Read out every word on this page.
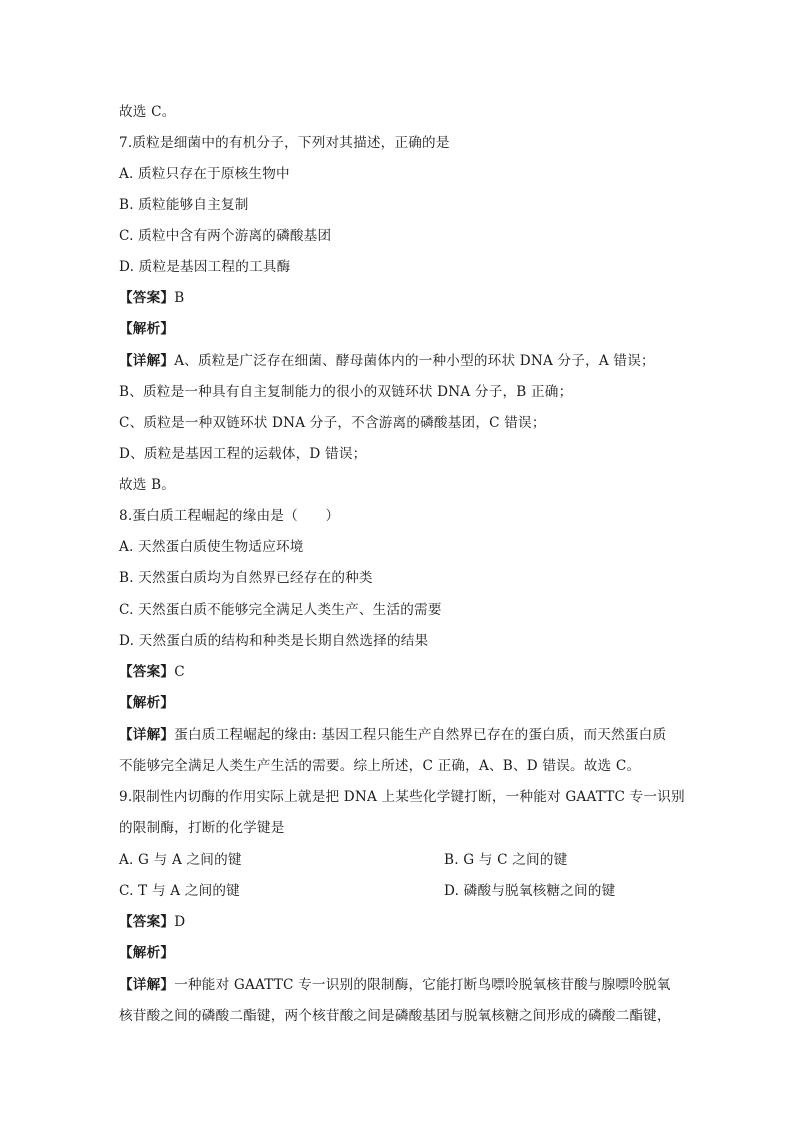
故选 C。
7.质粒是细菌中的有机分子，下列对其描述，正确的是
A. 质粒只存在于原核生物中
B. 质粒能够自主复制
C. 质粒中含有两个游离的磷酸基团
D. 质粒是基因工程的工具酶
【答案】B
【解析】
【详解】A、质粒是广泛存在细菌、酵母菌体内的一种小型的环状 DNA 分子，A 错误；
B、质粒是一种具有自主复制能力的很小的双链环状 DNA 分子，B 正确；
C、质粒是一种双链环状 DNA 分子，不含游离的磷酸基团，C 错误；
D、质粒是基因工程的运载体，D 错误；
故选 B。
8.蛋白质工程崛起的缘由是（　　）
A. 天然蛋白质使生物适应环境
B. 天然蛋白质均为自然界已经存在的种类
C. 天然蛋白质不能够完全满足人类生产、生活的需要
D. 天然蛋白质的结构和种类是长期自然选择的结果
【答案】C
【解析】
【详解】蛋白质工程崛起的缘由: 基因工程只能生产自然界已存在的蛋白质，而天然蛋白质
不能够完全满足人类生产生活的需要。综上所述，C 正确，A、B、D 错误。故选 C。
9.限制性内切酶的作用实际上就是把 DNA 上某些化学键打断，一种能对 GAATTC 专一识别
的限制酶，打断的化学键是
A. G 与 A 之间的键	B. G 与 C 之间的键
C. T 与 A 之间的键	D. 磷酸与脱氧核糖之间的键
【答案】D
【解析】
【详解】一种能对 GAATTC 专一识别的限制酶，它能打断鸟嘌呤脱氧核苷酸与腺嘌呤脱氧
核苷酸之间的磷酸二酯键，两个核苷酸之间是磷酸基团与脱氧核糖之间形成的磷酸二酯键，
